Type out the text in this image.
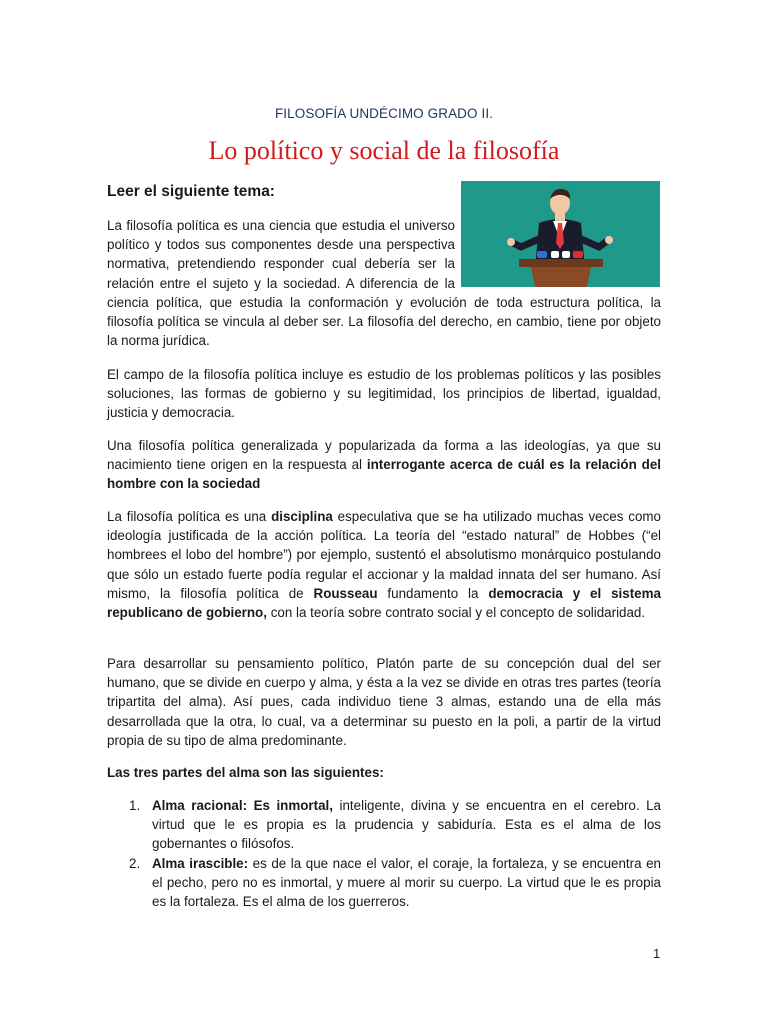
FILOSOFÍA UNDÉCIMO GRADO II.
Lo político y social de la filosofía
Leer el siguiente tema:

La filosofía política es una ciencia que estudia el universo político y todos sus componentes desde una perspectiva normativa, pretendiendo responder cual debería ser la relación entre el sujeto y la sociedad. A diferencia de la ciencia política, que estudia la conformación y evolución de toda estructura política, la filosofía política se vincula al deber ser. La filosofía del derecho, en cambio, tiene por objeto la norma jurídica.

El campo de la filosofía política incluye es estudio de los problemas políticos y las posibles soluciones, las formas de gobierno y su legitimidad, los principios de libertad, igualdad, justicia y democracia.

Una filosofía política generalizada y popularizada da forma a las ideologías, ya que su nacimiento tiene origen en la respuesta al interrogante acerca de cuál es la relación del hombre con la sociedad

La filosofía política es una disciplina especulativa que se ha utilizado muchas veces como ideología justificada de la acción política. La teoría del “estado natural” de Hobbes (“el hombrees el lobo del hombre”) por ejemplo, sustentó el absolutismo monárquico postulando que sólo un estado fuerte podía regular el accionar y la maldad innata del ser humano. Así mismo, la filosofía política de Rousseau fundamento la democracia y el sistema republicano de gobierno, con la teoría sobre contrato social y el concepto de solidaridad.

Para desarrollar su pensamiento político, Platón parte de su concepción dual del ser humano, que se divide en cuerpo y alma, y ésta a la vez se divide en otras tres partes (teoría tripartita del alma). Así pues, cada individuo tiene 3 almas, estando una de ella más desarrollada que la otra, lo cual, va a determinar su puesto en la poli, a partir de la virtud propia de su tipo de alma predominante.

Las tres partes del alma son las siguientes:

1. Alma racional: Es inmortal, inteligente, divina y se encuentra en el cerebro. La virtud que le es propia es la prudencia y sabiduría. Esta es el alma de los gobernantes o filósofos.
2. Alma irascible: es de la que nace el valor, el coraje, la fortaleza, y se encuentra en el pecho, pero no es inmortal, y muere al morir su cuerpo. La virtud que le es propia es la fortaleza. Es el alma de los guerreros.
1
